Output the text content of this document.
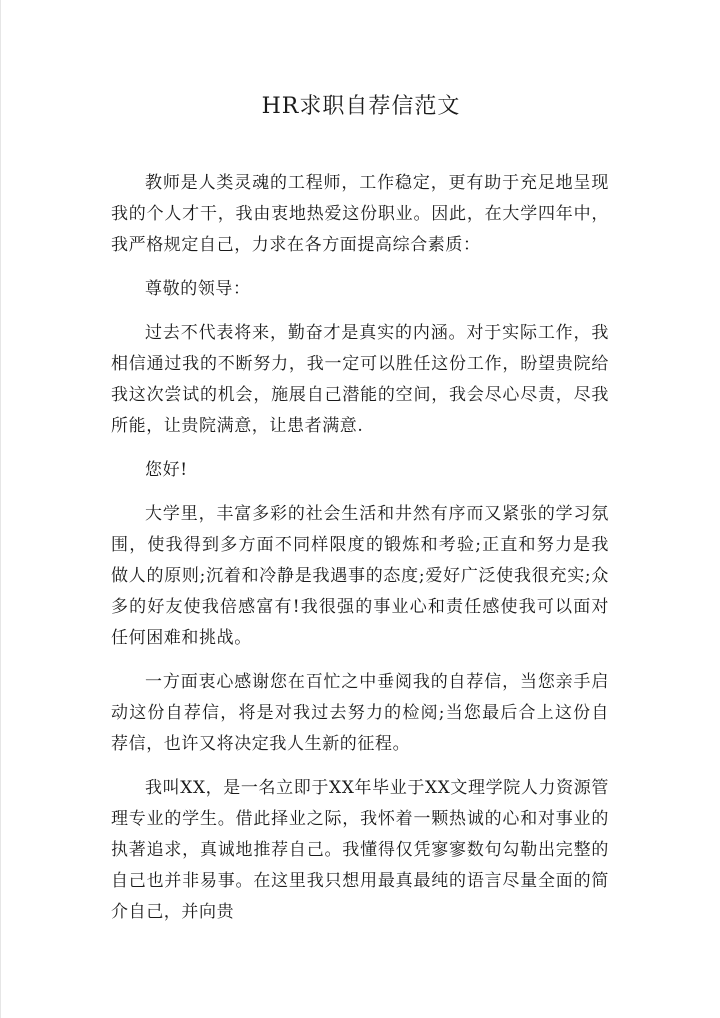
HR求职自荐信范文

教师是人类灵魂的工程师，工作稳定，更有助于充足地呈现我的个人才干，我由衷地热爱这份职业。因此，在大学四年中，我严格规定自己，力求在各方面提高综合素质：

尊敬的领导：

过去不代表将来，勤奋才是真实的内涵。对于实际工作，我相信通过我的不断努力，我一定可以胜任这份工作，盼望贵院给我这次尝试的机会，施展自己潜能的空间，我会尽心尽责，尽我所能，让贵院满意，让患者满意.

您好!

大学里，丰富多彩的社会生活和井然有序而又紧张的学习氛围，使我得到多方面不同样限度的锻炼和考验;正直和努力是我做人的原则;沉着和冷静是我遇事的态度;爱好广泛使我很充实;众多的好友使我倍感富有!我很强的事业心和责任感使我可以面对任何困难和挑战。

一方面衷心感谢您在百忙之中垂阅我的自荐信，当您亲手启动这份自荐信，将是对我过去努力的检阅;当您最后合上这份自荐信，也许又将决定我人生新的征程。

我叫XX，是一名立即于XX年毕业于XX文理学院人力资源管理专业的学生。借此择业之际，我怀着一颗热诚的心和对事业的执著追求，真诚地推荐自己。我懂得仅凭寥寥数句勾勒出完整的自己也并非易事。在这里我只想用最真最纯的语言尽量全面的简介自己，并向贵
